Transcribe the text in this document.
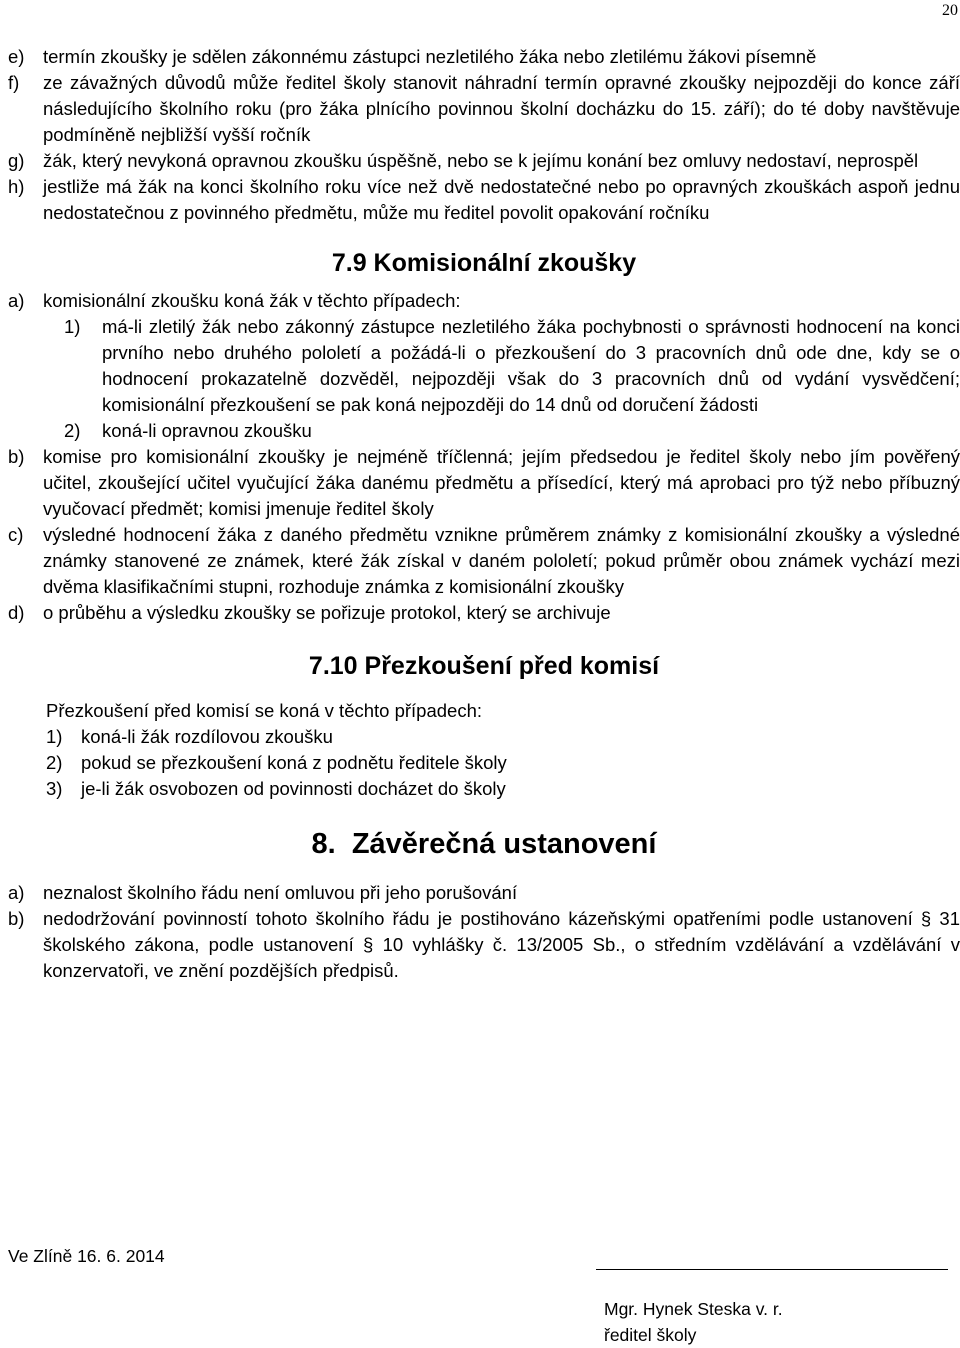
20
e)	termín zkoušky je sdělen zákonnému zástupci nezletilého žáka nebo zletilému žákovi písemně
f)	ze závažných důvodů může ředitel školy stanovit náhradní termín opravné zkoušky nejpozději do konce září následujícího školního roku (pro žáka plnícího povinnou školní docházku do 15. září); do té doby navštěvuje podmíněně nejbližší vyšší ročník
g)	žák, který nevykoná opravnou zkoušku úspěšně, nebo se k jejímu konání bez omluvy nedostaví, neprospěl
h)	jestliže má žák na konci školního roku více než dvě nedostatečné nebo po opravných zkouškách aspoň jednu nedostatečnou z povinného předmětu, může mu ředitel povolit opakování ročníku
7.9 Komisionální zkoušky
a)	komisionální zkoušku koná žák v těchto případech:
1)	má-li zletilý žák nebo zákonný zástupce nezletilého žáka pochybnosti o správnosti hodnocení na konci prvního nebo druhého pololetí a požádá-li o přezkoušení do 3 pracovních dnů ode dne, kdy se o hodnocení prokazatelně dozvěděl, nejpozději však do 3 pracovních dnů od vydání vysvědčení; komisionální přezkoušení se pak koná nejpozději do 14 dnů od doručení žádosti
2)	koná-li opravnou zkoušku
b)	komise pro komisionální zkoušky je nejméně tříčlenná; jejím předsedou je ředitel školy nebo jím pověřený učitel, zkoušející učitel vyučující žáka danému předmětu a přísedící, který má aprobaci pro týž nebo příbuzný vyučovací předmět; komisi jmenuje ředitel školy
c)	výsledné hodnocení žáka z daného předmětu vznikne průměrem známky z komisionální zkoušky a výsledné známky stanovené ze známek, které žák získal v daném pololetí; pokud průměr obou známek vychází mezi dvěma klasifikačními stupni, rozhoduje známka z komisionální zkoušky
d)	o průběhu a výsledku zkoušky se pořizuje protokol, který se archivuje
7.10 Přezkoušení před komisí
Přezkoušení před komisí se koná v těchto případech:
1)	koná-li žák rozdílovou zkoušku
2)	pokud se přezkoušení koná z podnětu ředitele školy
3)	je-li žák osvobozen od povinnosti docházet do školy
8.  Závěrečná ustanovení
a)	neznalost školního řádu není omluvou při jeho porušování
b)	nedodržování povinností tohoto školního řádu je postihováno kázeňskými opatřeními podle ustanovení § 31 školského zákona, podle ustanovení § 10 vyhlášky č. 13/2005 Sb., o středním vzdělávání a vzdělávání v konzervatoři, ve znění pozdějších předpisů.
Ve Zlíně 16. 6. 2014
Mgr. Hynek Steska v. r.
ředitel školy
